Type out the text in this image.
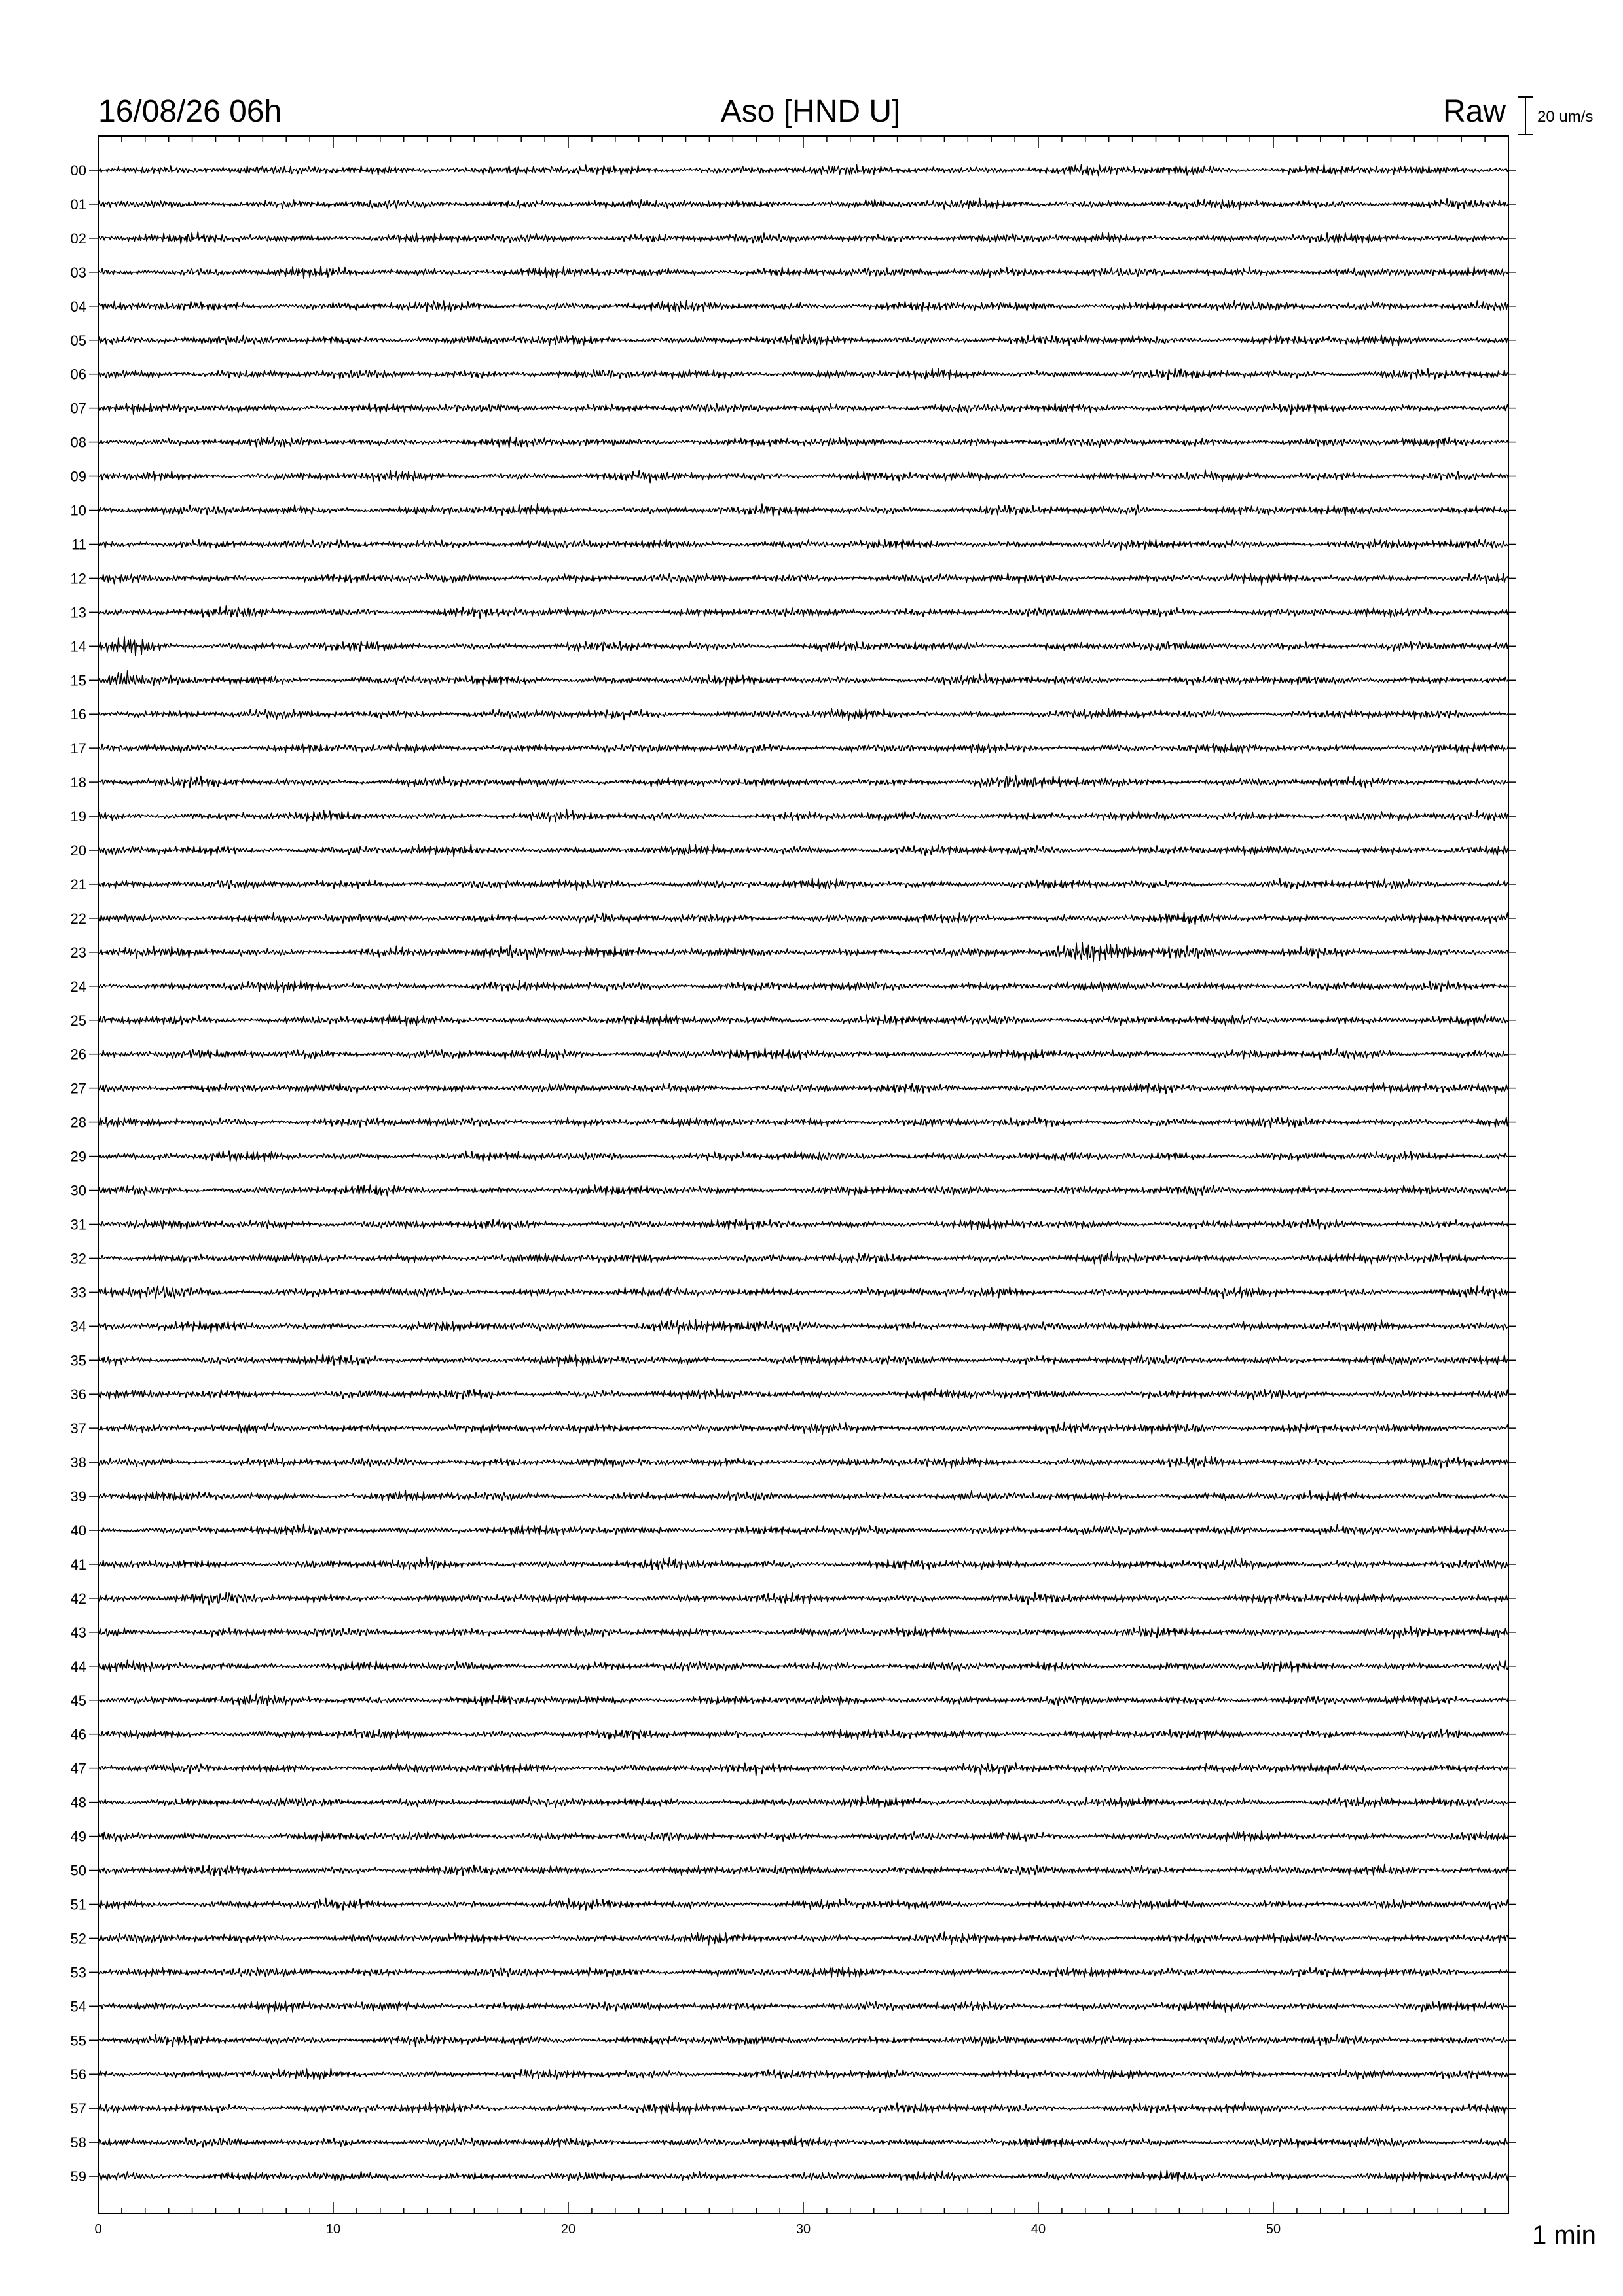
16/08/26 06h	Aso [HND U]	Raw 20 um/s
00
01
02
03
04
05
06
07
08
09
10
11
12
13
14
15
16
17
18
19
20
21
22
23
24
25
26
27
28
29
30
31
32
33
34
35
36
37
38
39
40
41
42
43
44
45
46
47
48
49
50
51
52
53
54
55
56
57
58
59
0	10	20	30	40	50	1 min
